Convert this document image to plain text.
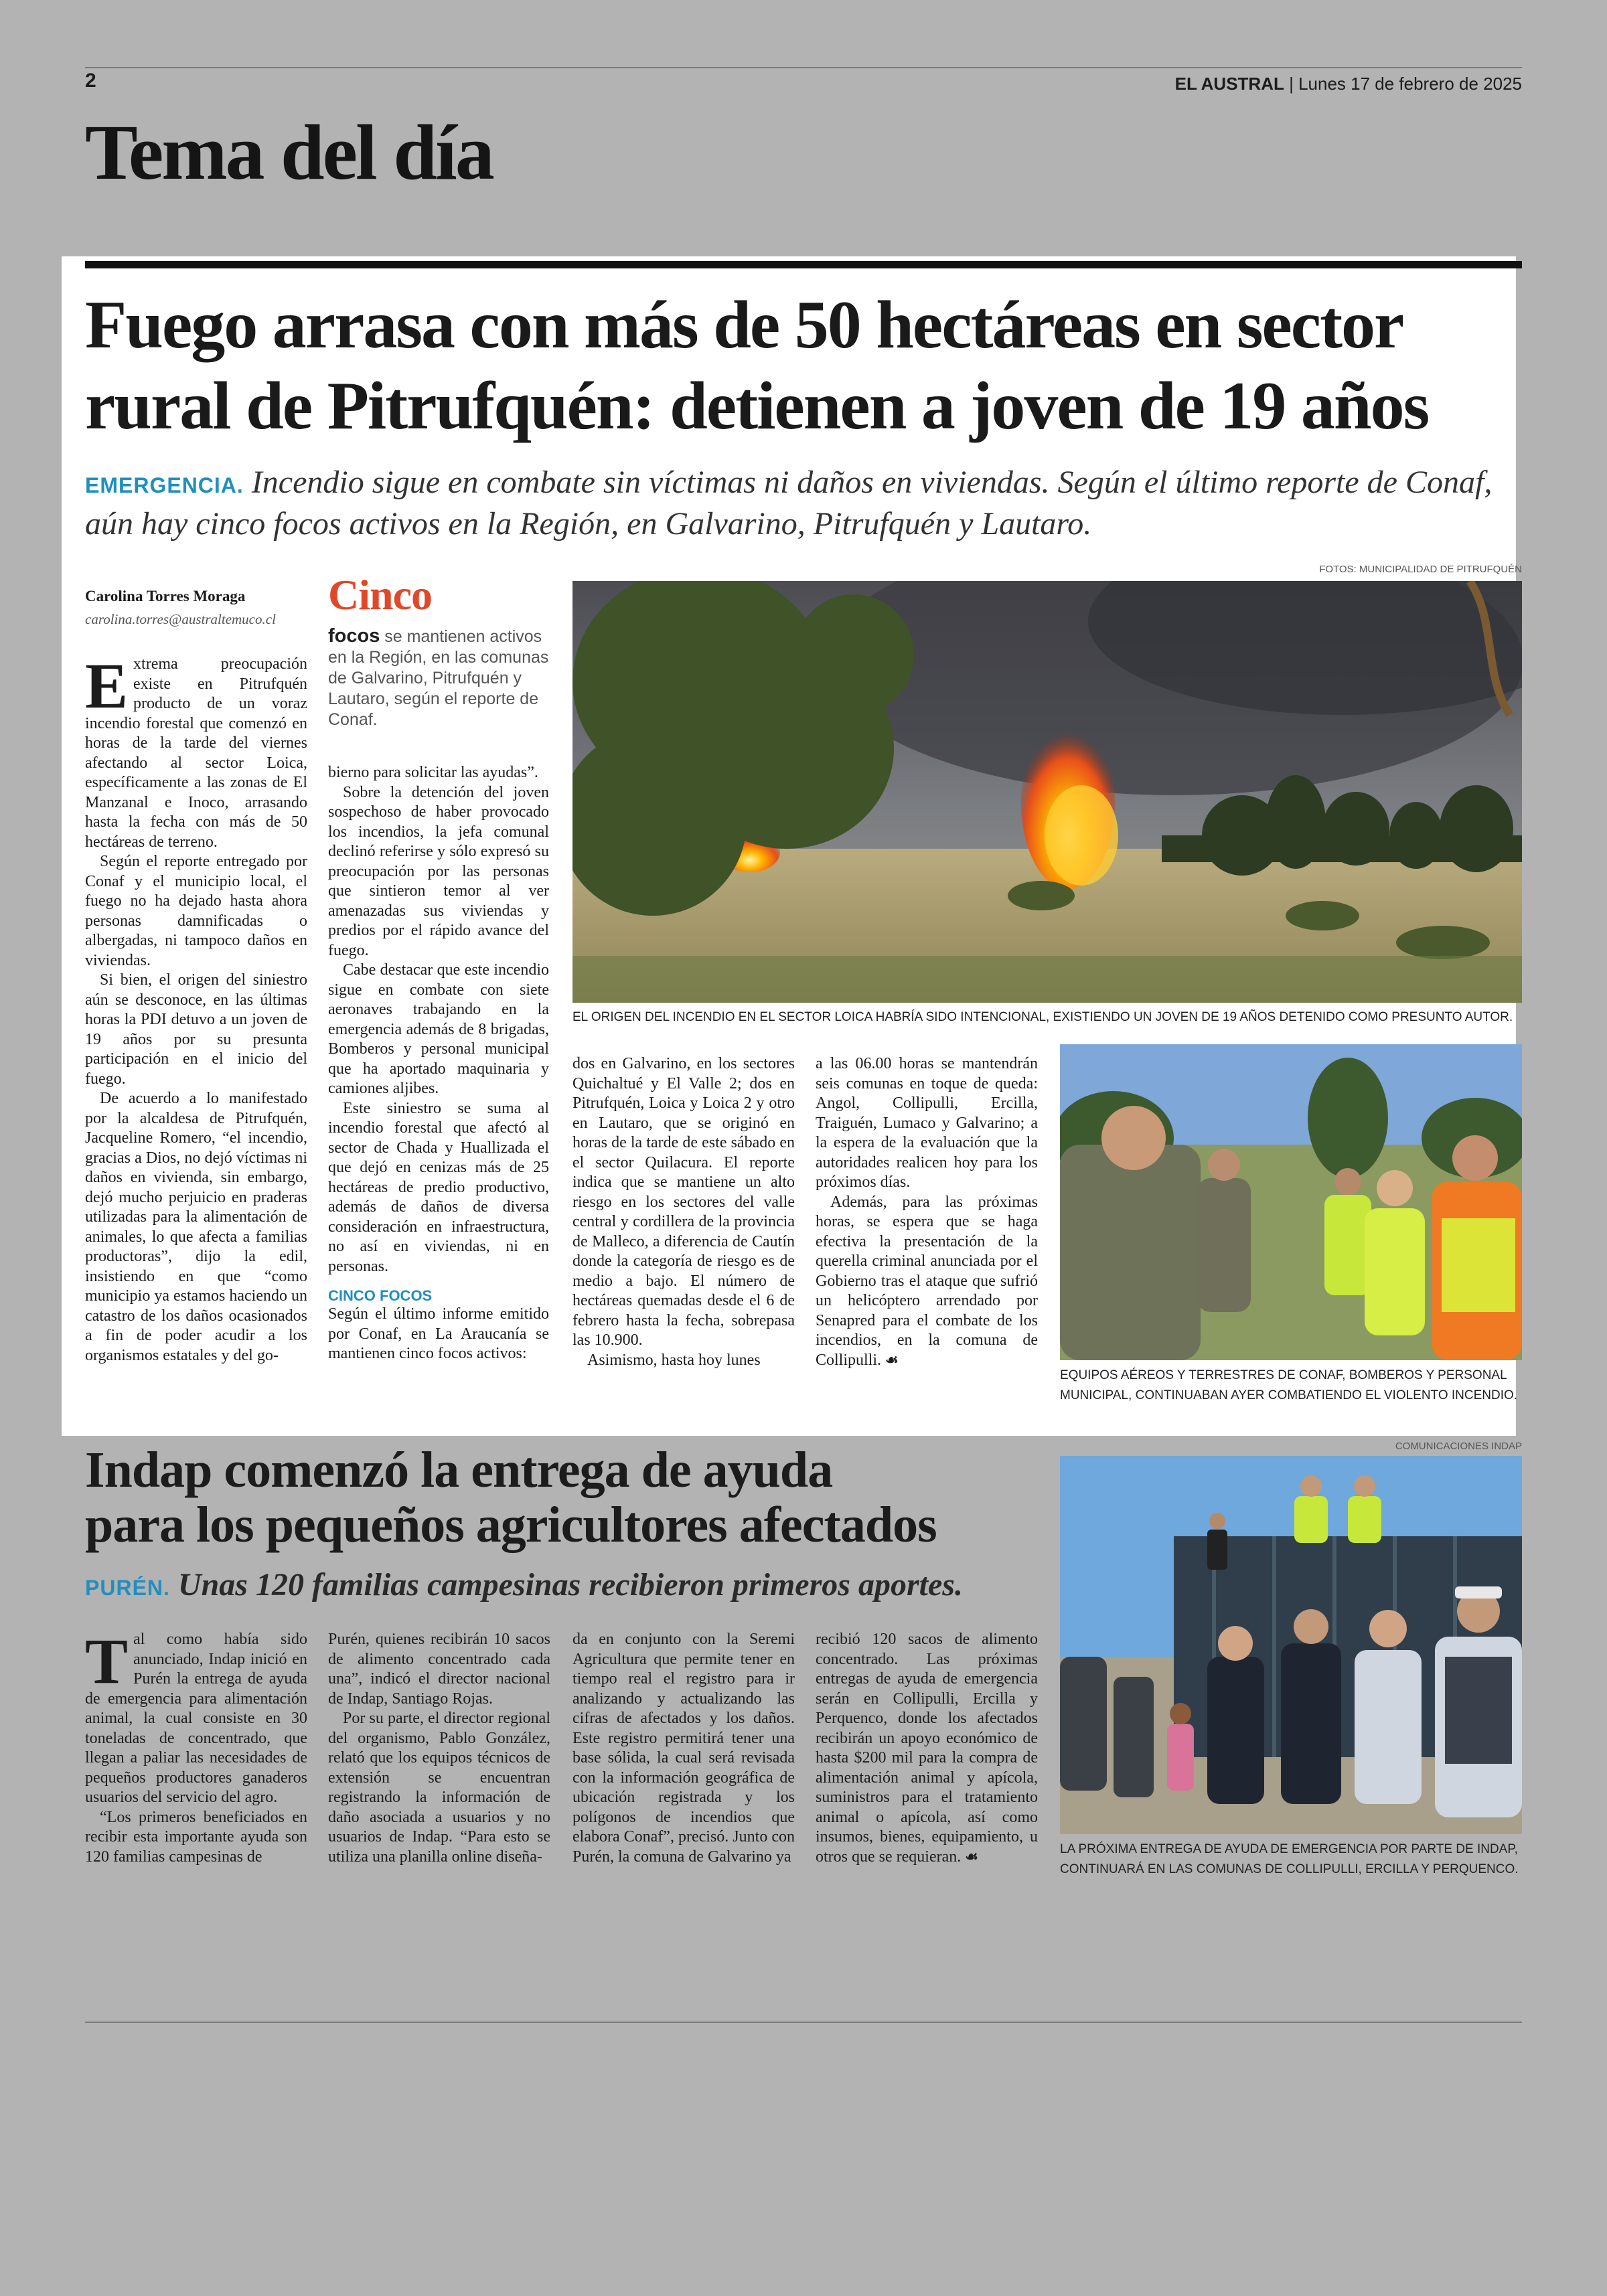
2	EL AUSTRAL | Lunes 17 de febrero de 2025
Tema del día
Fuego arrasa con más de 50 hectáreas en sector
rural de Pitrufquén: detienen a joven de 19 años
EMERGENCIA. Incendio sigue en combate sin víctimas ni daños en viviendas. Según el último reporte de Conaf, aún hay cinco focos activos en la Región, en Galvarino, Pitrufquén y Lautaro.
FOTOS: MUNICIPALIDAD DE PITRUFQUÉN
Carolina Torres Moraga
carolina.torres@australtemuco.cl

Extrema preocupación existe en Pitrufquén producto de un voraz incendio forestal que comenzó en horas de la tarde del viernes afectando al sector Loica, específicamente a las zonas de El Manzanal e Inoco, arrasando hasta la fecha con más de 50 hectáreas de terreno.

Según el reporte entregado por Conaf y el municipio local, el fuego no ha dejado hasta ahora personas damnificadas o albergadas, ni tampoco daños en viviendas.

Si bien, el origen del siniestro aún se desconoce, en las últimas horas la PDI detuvo a un joven de 19 años por su presunta participación en el inicio del fuego.

De acuerdo a lo manifestado por la alcaldesa de Pitrufquén, Jacqueline Romero, “el incendio, gracias a Dios, no dejó víctimas ni daños en vivienda, sin embargo, dejó mucho perjuicio en praderas utilizadas para la alimentación de animales, lo que afecta a familias productoras”, dijo la edil, insistiendo en que “como municipio ya estamos haciendo un catastro de los daños ocasionados a fin de poder acudir a los organismos estatales y del go-

Cinco
focos se mantienen activos en la Región, en las comunas de Galvarino, Pitrufquén y Lautaro, según el reporte de Conaf.

bierno para solicitar las ayudas”.

Sobre la detención del joven sospechoso de haber provocado los incendios, la jefa comunal declinó referirse y sólo expresó su preocupación por las personas que sintieron temor al ver amenazadas sus viviendas y predios por el rápido avance del fuego.

Cabe destacar que este incendio sigue en combate con siete aeronaves trabajando en la emergencia además de 8 brigadas, Bomberos y personal municipal que ha aportado maquinaria y camiones aljibes.

Este siniestro se suma al incendio forestal que afectó al sector de Chada y Huallizada el que dejó en cenizas más de 25 hectáreas de predio productivo, además de daños de diversa consideración en infraestructura, no así en viviendas, ni en personas.

CINCO FOCOS

Según el último informe emitido por Conaf, en La Araucanía se mantienen cinco focos activos:

EL ORIGEN DEL INCENDIO EN EL SECTOR LOICA HABRÍA SIDO INTENCIONAL, EXISTIENDO UN JOVEN DE 19 AÑOS DETENIDO COMO PRESUNTO AUTOR.

dos en Galvarino, en los sectores Quichaltué y El Valle 2; dos en Pitrufquén, Loica y Loica 2 y otro en Lautaro, que se originó en horas de la tarde de este sábado en el sector Quilacura. El reporte indica que se mantiene un alto riesgo en los sectores del valle central y cordillera de la provincia de Malleco, a diferencia de Cautín donde la categoría de riesgo es de medio a bajo. El número de hectáreas quemadas desde el 6 de febrero hasta la fecha, sobrepasa las 10.900.

Asimismo, hasta hoy lunes

a las 06.00 horas se mantendrán seis comunas en toque de queda: Angol, Collipulli, Ercilla, Traiguén, Lumaco y Galvarino; a la espera de la evaluación que la autoridades realicen hoy para los próximos días.

Además, para las próximas horas, se espera que se haga efectiva la presentación de la querella criminal anunciada por el Gobierno tras el ataque que sufrió un helicóptero arrendado por Senapred para el combate de los incendios, en la comuna de Collipulli. ☙

EQUIPOS AÉREOS Y TERRESTRES DE CONAF, BOMBEROS Y PERSONAL MUNICIPAL, CONTINUABAN AYER COMBATIENDO EL VIOLENTO INCENDIO.
Indap comenzó la entrega de ayuda
para los pequeños agricultores afectados
PURÉN. Unas 120 familias campesinas recibieron primeros aportes.

Tal como había sido anunciado, Indap inició en Purén la entrega de ayuda de emergencia para alimentación animal, la cual consiste en 30 toneladas de concentrado, que llegan a paliar las necesidades de pequeños productores ganaderos usuarios del servicio del agro.

“Los primeros beneficiados en recibir esta importante ayuda son 120 familias campesinas de

Purén, quienes recibirán 10 sacos de alimento concentrado cada una”, indicó el director nacional de Indap, Santiago Rojas.

Por su parte, el director regional del organismo, Pablo González, relató que los equipos técnicos de extensión se encuentran registrando la información de daño asociada a usuarios y no usuarios de Indap. “Para esto se utiliza una planilla online diseña-

da en conjunto con la Seremi Agricultura que permite tener en tiempo real el registro para ir analizando y actualizando las cifras de afectados y los daños. Este registro permitirá tener una base sólida, la cual será revisada con la información geográfica de ubicación registrada y los polígonos de incendios que elabora Conaf”, precisó. Junto con Purén, la comuna de Galvarino ya

recibió 120 sacos de alimento concentrado. Las próximas entregas de ayuda de emergencia serán en Collipulli, Ercilla y Perquenco, donde los afectados recibirán un apoyo económico de hasta $200 mil para la compra de alimentación animal y apícola, suministros para el tratamiento animal o apícola, así como insumos, bienes, equipamiento, u otros que se requieran. ☙

COMUNICACIONES INDAP
LA PRÓXIMA ENTREGA DE AYUDA DE EMERGENCIA POR PARTE DE INDAP, CONTINUARÁ EN LAS COMUNAS DE COLLIPULLI, ERCILLA Y PERQUENCO.
